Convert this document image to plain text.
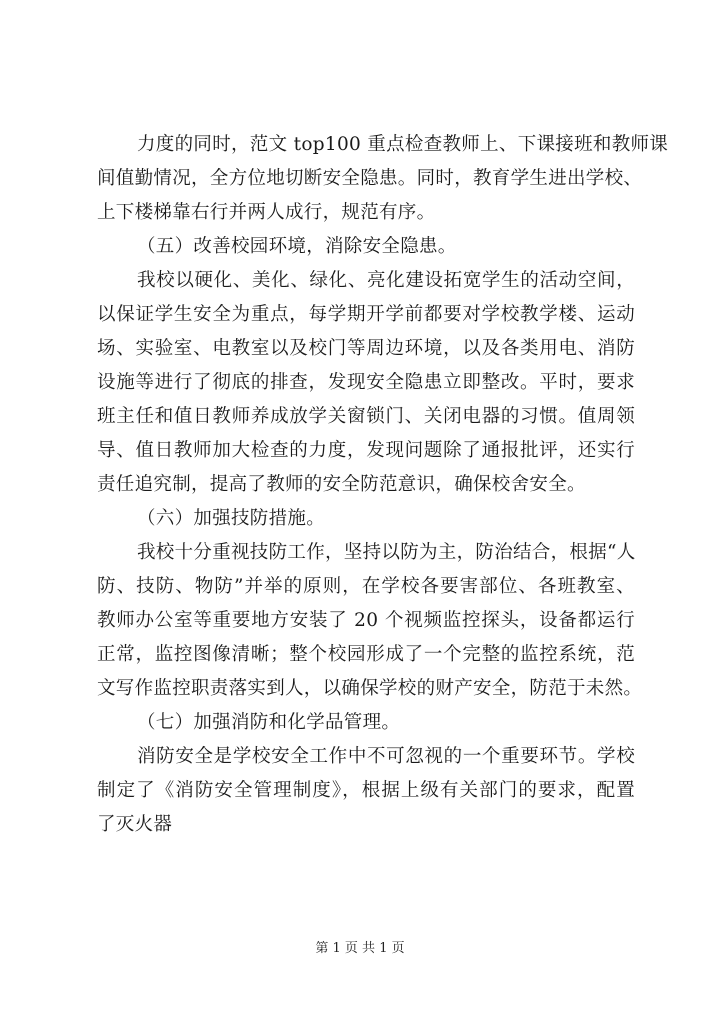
力度的同时，范文 top100 重点检查教师上、下课接班和教师课
间值勤情况，全方位地切断安全隐患。同时，教育学生进出学校、
上下楼梯靠右行并两人成行，规范有序。
（五）改善校园环境，消除安全隐患。
我校以硬化、美化、绿化、亮化建设拓宽学生的活动空间，
以保证学生安全为重点，每学期开学前都要对学校教学楼、运动
场、实验室、电教室以及校门等周边环境，以及各类用电、消防
设施等进行了彻底的排查，发现安全隐患立即整改。平时，要求
班主任和值日教师养成放学关窗锁门、关闭电器的习惯。值周领
导、值日教师加大检查的力度，发现问题除了通报批评，还实行
责任追究制，提高了教师的安全防范意识，确保校舍安全。
（六）加强技防措施。
我校十分重视技防工作，坚持以防为主，防治结合，根据“人
防、技防、物防”并举的原则，在学校各要害部位、各班教室、
教师办公室等重要地方安装了 20 个视频监控探头，设备都运行
正常，监控图像清晰；整个校园形成了一个完整的监控系统，范
文写作监控职责落实到人，以确保学校的财产安全，防范于未然。
（七）加强消防和化学品管理。
消防安全是学校安全工作中不可忽视的一个重要环节。学校
制定了《消防安全管理制度》，根据上级有关部门的要求，配置
了灭火器
第 1 页 共 1 页
